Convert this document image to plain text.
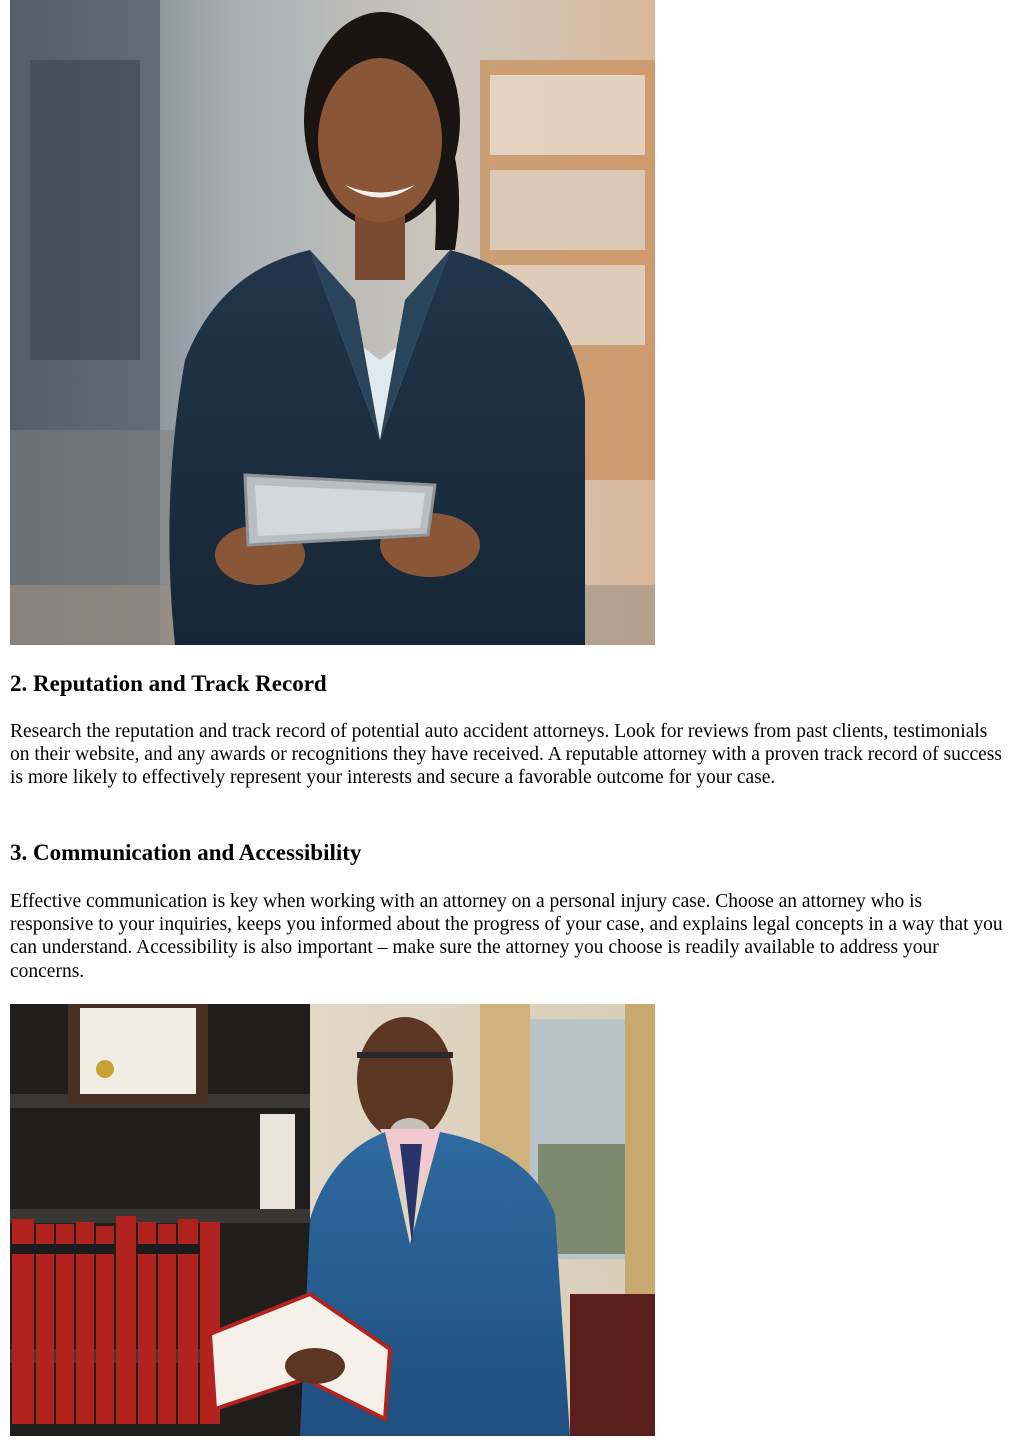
2. Reputation and Track Record

Research the reputation and track record of potential auto accident attorneys. Look for reviews from past clients, testimonials on their website, and any awards or recognitions they have received. A reputable attorney with a proven track record of success is more likely to effectively represent your interests and secure a favorable outcome for your case.

3. Communication and Accessibility

Effective communication is key when working with an attorney on a personal injury case. Choose an attorney who is responsive to your inquiries, keeps you informed about the progress of your case, and explains legal concepts in a way that you can understand. Accessibility is also important – make sure the attorney you choose is readily available to address your concerns.
